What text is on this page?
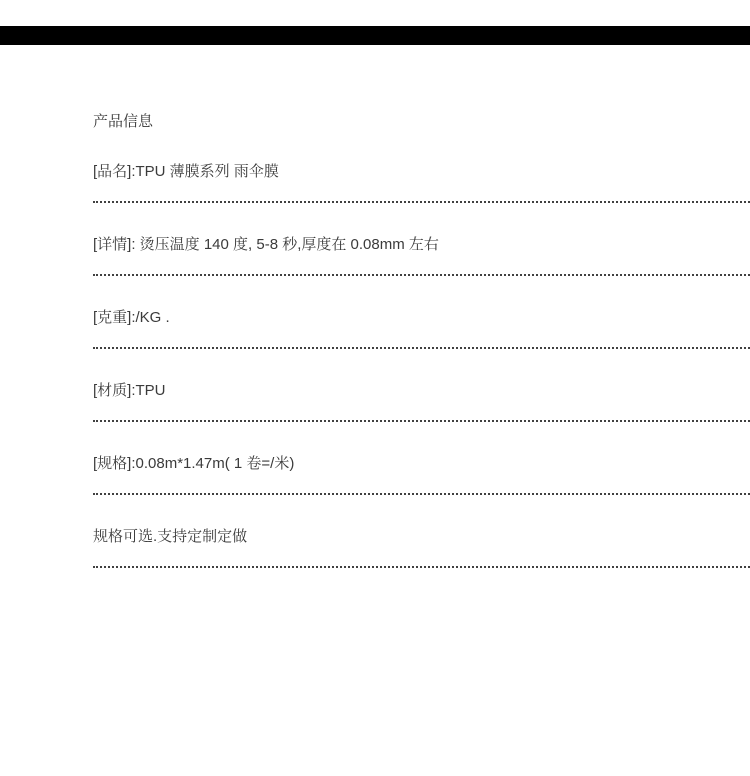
产品信息
[品名]:TPU 薄膜系列 雨伞膜
[详情]: 烫压温度 140 度, 5-8 秒,厚度在 0.08mm 左右
[克重]:/KG .
[材质]:TPU
[规格]:0.08m*1.47m( 1 卷=/米)
规格可选.支持定制定做
